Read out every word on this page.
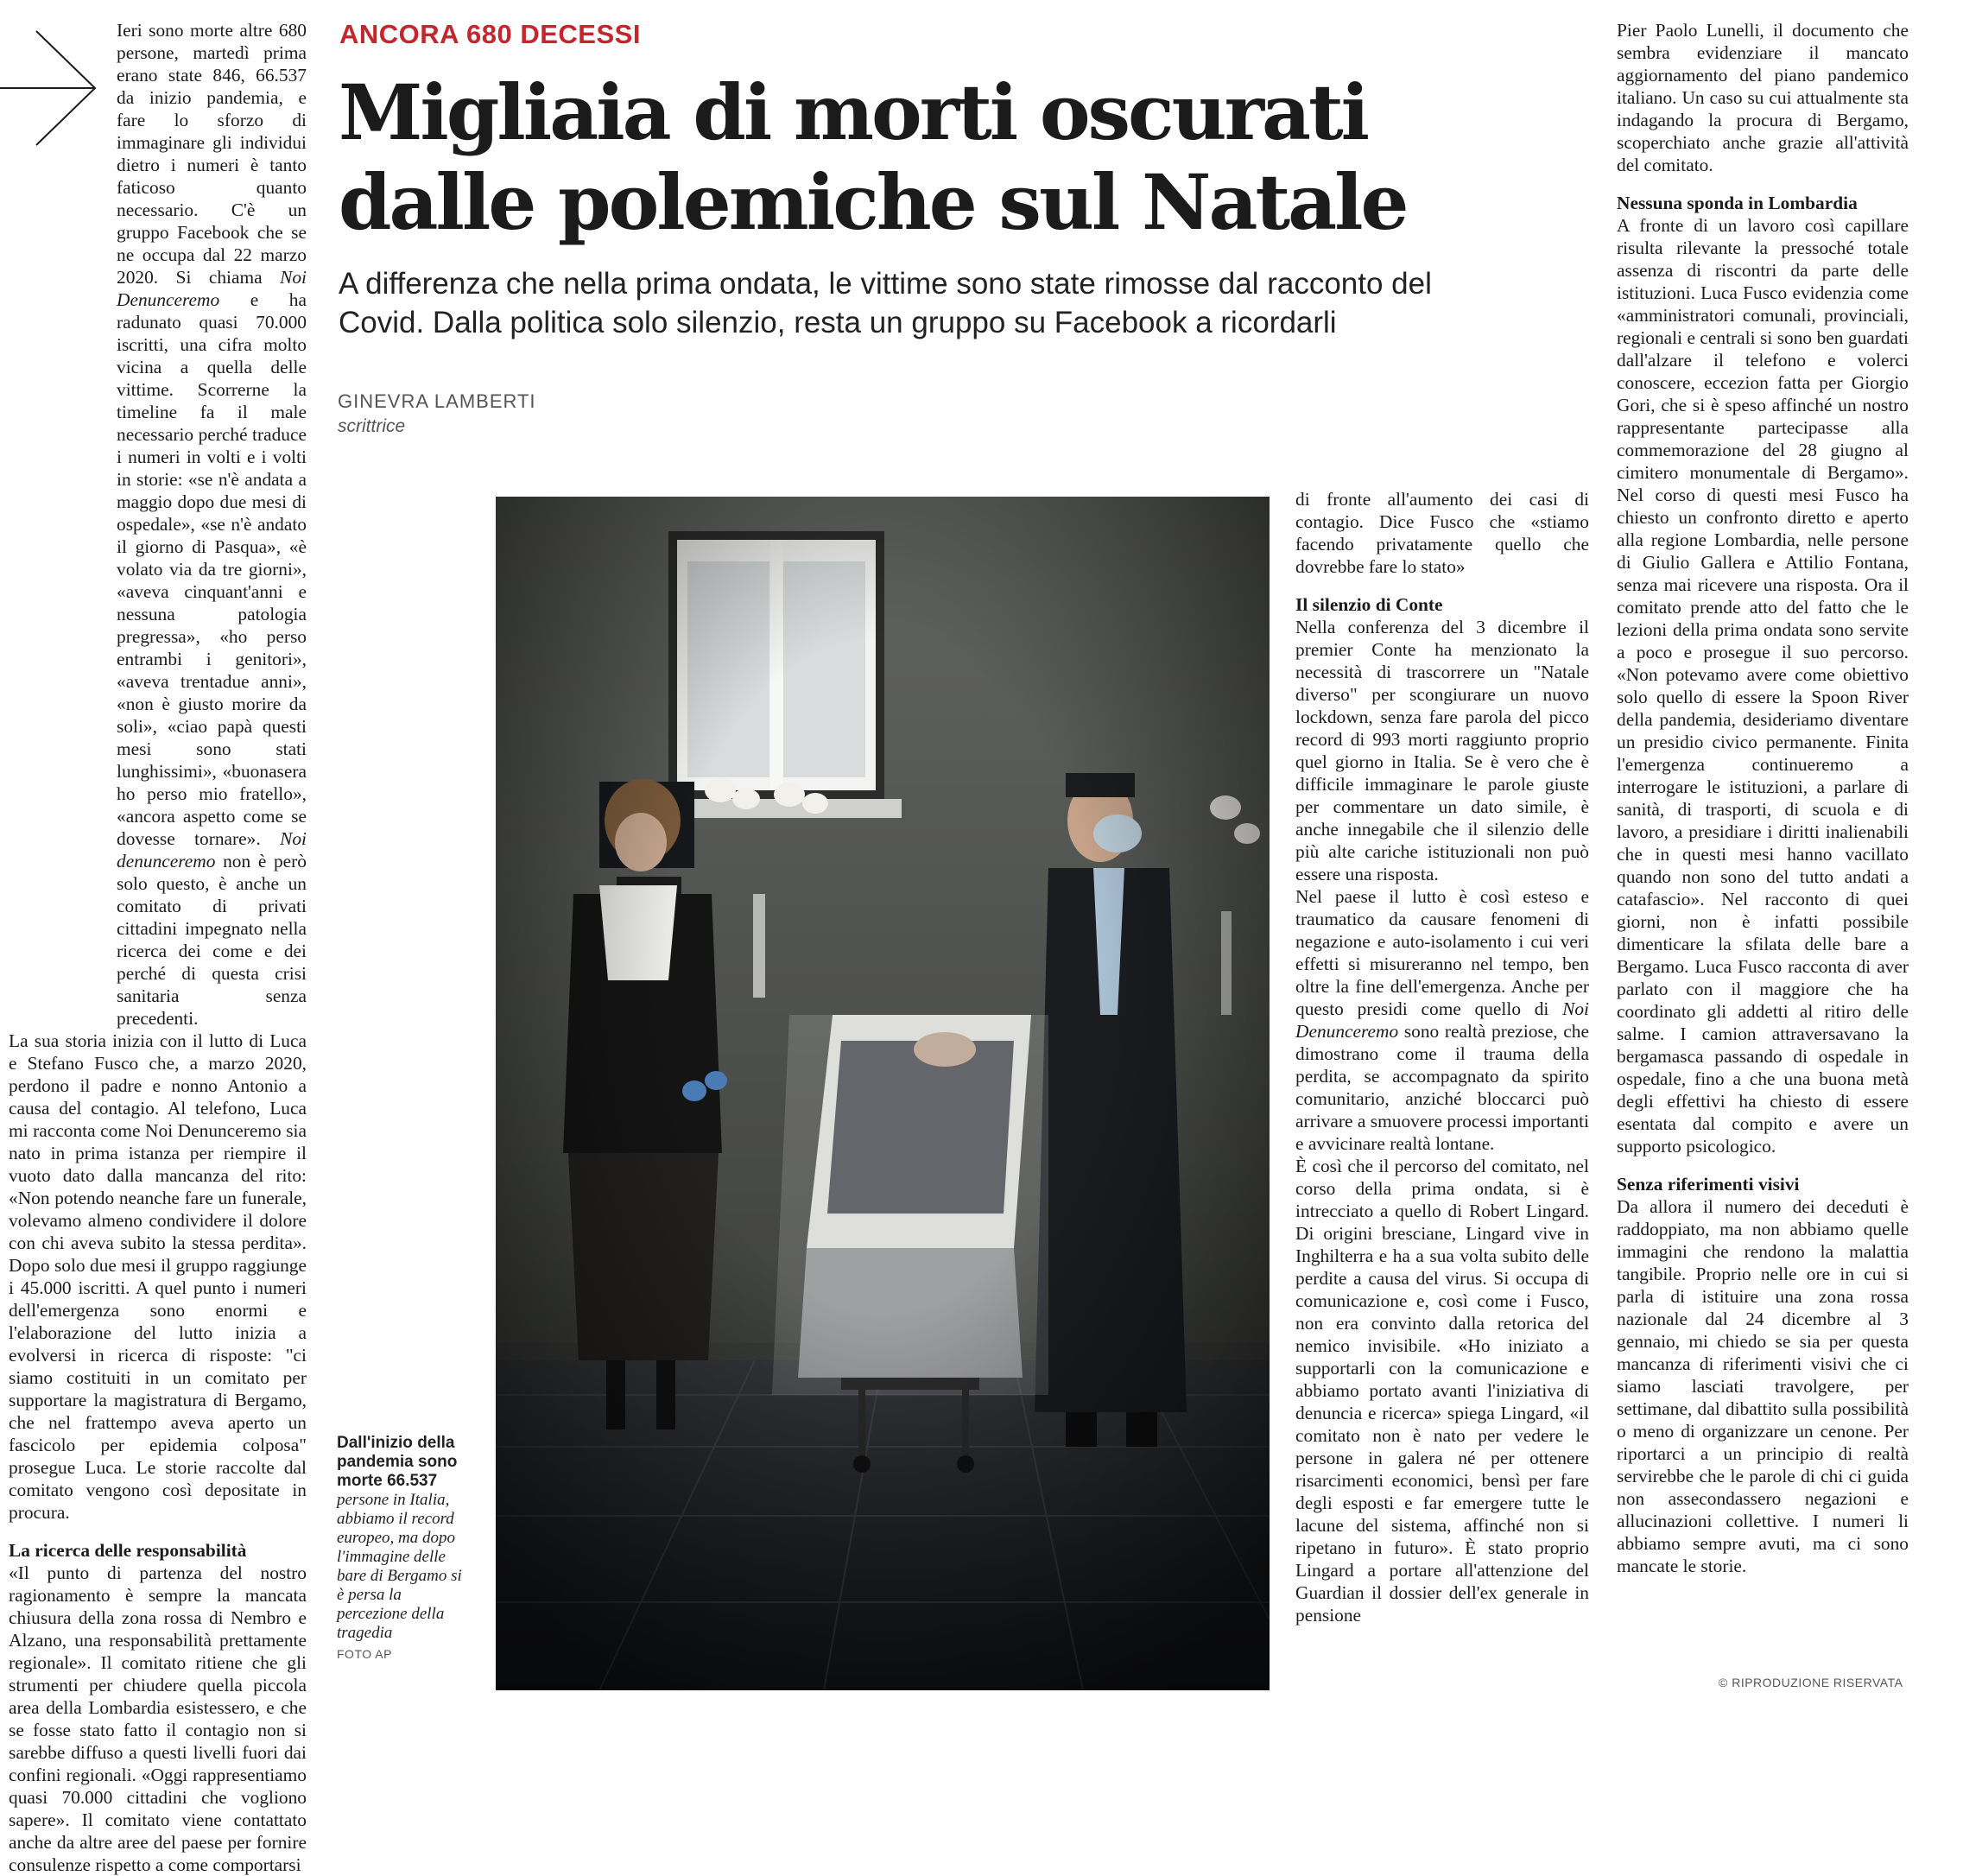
ANCORA 680 DECESSI
Migliaia di morti oscurati
dalle polemiche sul Natale
A differenza che nella prima ondata, le vittime sono state rimosse dal racconto del Covid. Dalla politica solo silenzio, resta un gruppo su Facebook a ricordarli
GINEVRA LAMBERTI
scrittrice

Ieri sono morte altre 680 persone, martedì prima erano state 846, 66.537 da inizio pandemia, e fare lo sforzo di immaginare gli individui dietro i numeri è tanto faticoso quanto necessario. C'è un gruppo Facebook che se ne occupa dal 22 marzo 2020. Si chiama Noi Denunceremo e ha radunato quasi 70.000 iscritti, una cifra molto vicina a quella delle vittime. Scorrerne la timeline fa il male necessario perché traduce i numeri in volti e i volti in storie: «se n'è andata a maggio dopo due mesi di ospedale», «se n'è andato il giorno di Pasqua», «è volato via da tre giorni», «aveva cinquant'anni e nessuna patologia pregressa», «ho perso entrambi i genitori», «aveva trentadue anni», «non è giusto morire da soli», «ciao papà questi mesi sono stati lunghissimi», «buonasera ho perso mio fratello», «ancora aspetto come se dovesse tornare». Noi denunceremo non è però solo questo, è anche un comitato di privati cittadini impegnato nella ricerca dei come e dei perché di questa crisi sanitaria senza precedenti.

La sua storia inizia con il lutto di Luca e Stefano Fusco che, a marzo 2020, perdono il padre e nonno Antonio a causa del contagio. Al telefono, Luca mi racconta come Noi Denunceremo sia nato in prima istanza per riempire il vuoto dato dalla mancanza del rito: «Non potendo neanche fare un funerale, volevamo almeno condividere il dolore con chi aveva subito la stessa perdita». Dopo solo due mesi il gruppo raggiunge i 45.000 iscritti. A quel punto i numeri dell'emergenza sono enormi e l'elaborazione del lutto inizia a evolversi in ricerca di risposte: "ci siamo costituiti in un comitato per supportare la magistratura di Bergamo, che nel frattempo aveva aperto un fascicolo per epidemia colposa" prosegue Luca. Le storie raccolte dal comitato vengono così depositate in procura.

La ricerca delle responsabilità

«Il punto di partenza del nostro ragionamento è sempre la mancata chiusura della zona rossa di Nembro e Alzano, una responsabilità prettamente regionale». Il comitato ritiene che gli strumenti per chiudere quella piccola area della Lombardia esistessero, e che se fosse stato fatto il contagio non si sarebbe diffuso a questi livelli fuori dai confini regionali. «Oggi rappresentiamo quasi 70.000 cittadini che vogliono sapere». Il comitato viene contattato anche da altre aree del paese per fornire consulenze rispetto a come comportarsi

Dall'inizio della pandemia sono morte 66.537
persone in Italia, abbiamo il record europeo, ma dopo l'immagine delle bare di Bergamo si è persa la percezione della tragedia
FOTO AP

di fronte all'aumento dei casi di contagio. Dice Fusco che «stiamo facendo privatamente quello che dovrebbe fare lo stato»

Il silenzio di Conte

Nella conferenza del 3 dicembre il premier Conte ha menzionato la necessità di trascorrere un "Natale diverso" per scongiurare un nuovo lockdown, senza fare parola del picco record di 993 morti raggiunto proprio quel giorno in Italia. Se è vero che è difficile immaginare le parole giuste per commentare un dato simile, è anche innegabile che il silenzio delle più alte cariche istituzionali non può essere una risposta.

Nel paese il lutto è così esteso e traumatico da causare fenomeni di negazione e auto-isolamento i cui veri effetti si misureranno nel tempo, ben oltre la fine dell'emergenza. Anche per questo presidi come quello di Noi Denunceremo sono realtà preziose, che dimostrano come il trauma della perdita, se accompagnato da spirito comunitario, anziché bloccarci può arrivare a smuovere processi importanti e avvicinare realtà lontane.

È così che il percorso del comitato, nel corso della prima ondata, si è intrecciato a quello di Robert Lingard. Di origini bresciane, Lingard vive in Inghilterra e ha a sua volta subito delle perdite a causa del virus. Si occupa di comunicazione e, così come i Fusco, non era convinto dalla retorica del nemico invisibile. «Ho iniziato a supportarli con la comunicazione e abbiamo portato avanti l'iniziativa di denuncia e ricerca» spiega Lingard, «il comitato non è nato per vedere le persone in galera né per ottenere risarcimenti economici, bensì per fare degli esposti e far emergere tutte le lacune del sistema, affinché non si ripetano in futuro». È stato proprio Lingard a portare all'attenzione del Guardian il dossier dell'ex generale in pensione

Pier Paolo Lunelli, il documento che sembra evidenziare il mancato aggiornamento del piano pandemico italiano. Un caso su cui attualmente sta indagando la procura di Bergamo, scoperchiato anche grazie all'attività del comitato.

Nessuna sponda in Lombardia

A fronte di un lavoro così capillare risulta rilevante la pressoché totale assenza di riscontri da parte delle istituzioni. Luca Fusco evidenzia come «amministratori comunali, provinciali, regionali e centrali si sono ben guardati dall'alzare il telefono e volerci conoscere, eccezion fatta per Giorgio Gori, che si è speso affinché un nostro rappresentante partecipasse alla commemorazione del 28 giugno al cimitero monumentale di Bergamo». Nel corso di questi mesi Fusco ha chiesto un confronto diretto e aperto alla regione Lombardia, nelle persone di Giulio Gallera e Attilio Fontana, senza mai ricevere una risposta. Ora il comitato prende atto del fatto che le lezioni della prima ondata sono servite a poco e prosegue il suo percorso. «Non potevamo avere come obiettivo solo quello di essere la Spoon River della pandemia, desideriamo diventare un presidio civico permanente. Finita l'emergenza continueremo a interrogare le istituzioni, a parlare di sanità, di trasporti, di scuola e di lavoro, a presidiare i diritti inalienabili che in questi mesi hanno vacillato quando non sono del tutto andati a catafascio». Nel racconto di quei giorni, non è infatti possibile dimenticare la sfilata delle bare a Bergamo. Luca Fusco racconta di aver parlato con il maggiore che ha coordinato gli addetti al ritiro delle salme. I camion attraversavano la bergamasca passando di ospedale in ospedale, fino a che una buona metà degli effettivi ha chiesto di essere esentata dal compito e avere un supporto psicologico.

Senza riferimenti visivi

Da allora il numero dei deceduti è raddoppiato, ma non abbiamo quelle immagini che rendono la malattia tangibile. Proprio nelle ore in cui si parla di istituire una zona rossa nazionale dal 24 dicembre al 3 gennaio, mi chiedo se sia per questa mancanza di riferimenti visivi che ci siamo lasciati travolgere, per settimane, dal dibattito sulla possibilità o meno di organizzare un cenone. Per riportarci a un principio di realtà servirebbe che le parole di chi ci guida non assecondassero negazioni e allucinazioni collettive. I numeri li abbiamo sempre avuti, ma ci sono mancate le storie.

© RIPRODUZIONE RISERVATA
